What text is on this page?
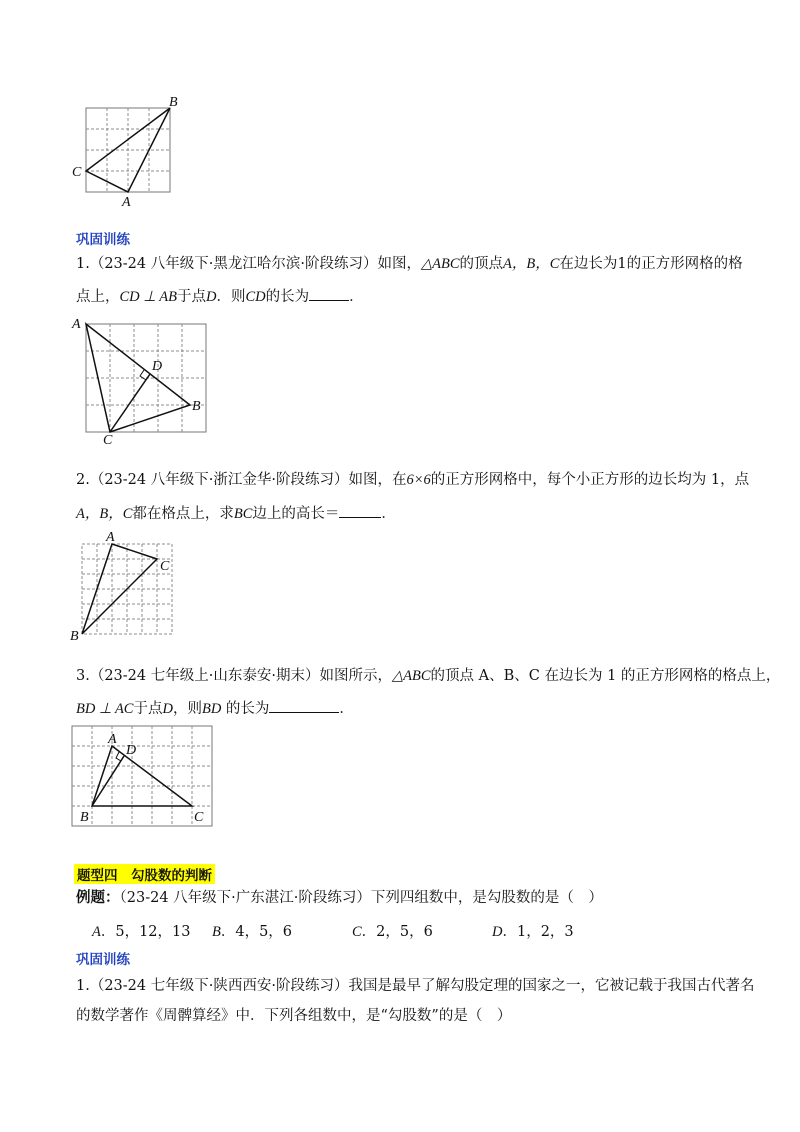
B
C
A
巩固训练
1.（23-24 八年级下·黑龙江哈尔滨·阶段练习）如图，△ABC的顶点A，B，C在边长为1的正方形网格的格
点上，CD ⊥ AB于点D．则CD的长为	．
A
D
B
C
2.（23-24 八年级下·浙江金华·阶段练习）如图，在6×6的正方形网格中，每个小正方形的边长均为 1，点
A，B，C都在格点上，求BC边上的高长＝	．
A
C
B
3.（23-24 七年级上·山东泰安·期末）如图所示，△ABC的顶点 A、B、C 在边长为 1 的正方形网格的格点上，
BD ⊥ AC于点D，则BD 的长为	．
A
D
B	C
题型四　勾股数的判断
例题：（23-24 八年级下·广东湛江·阶段练习）下列四组数中，是勾股数的是（　）
A．5，12，13 B．4，5，6	C．2，5，6	D．1，2，3
巩固训练
1.（23-24 七年级下·陕西西安·阶段练习）我国是最早了解勾股定理的国家之一，它被记载于我国古代著名
的数学著作《周髀算经》中．下列各组数中，是“勾股数”的是（　）
